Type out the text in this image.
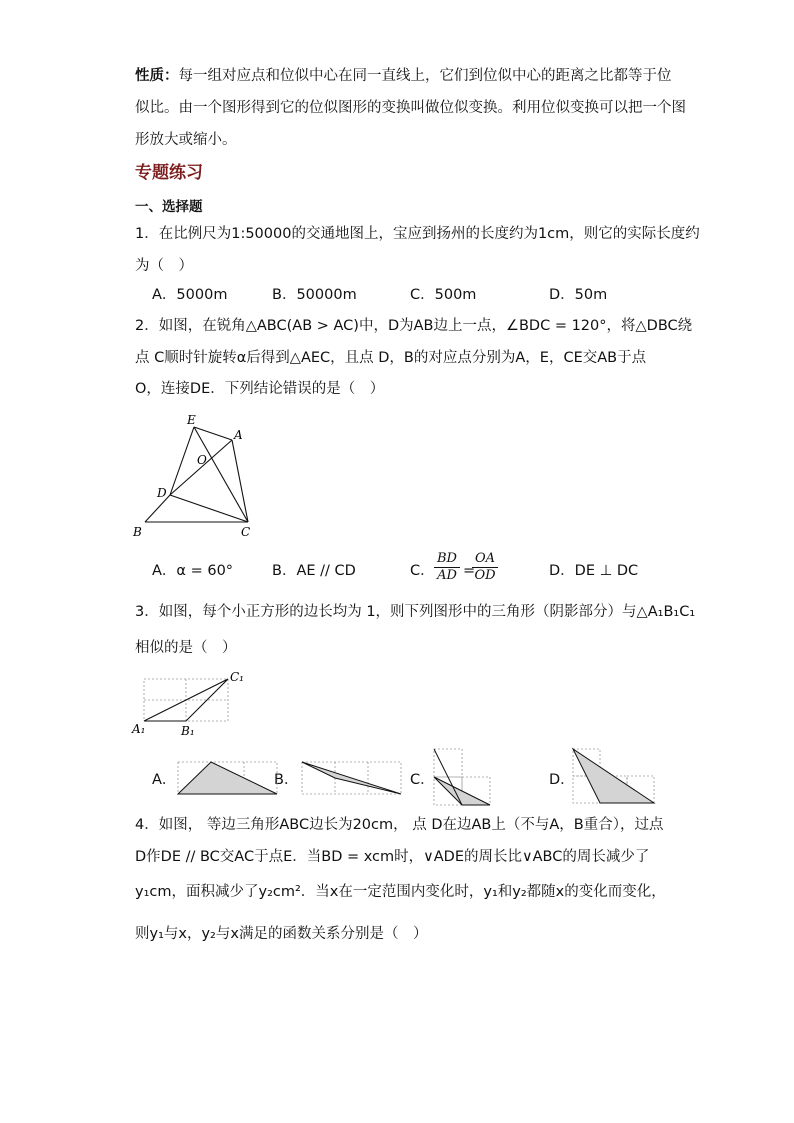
性质：每一组对应点和位似中心在同一直线上，它们到位似中心的距离之比都等于位
似比。由一个图形得到它的位似图形的变换叫做位似变换。利用位似变换可以把一个图
形放大或缩小。
专题练习
一、选择题
1．在比例尺为1:50000的交通地图上，宝应到扬州的长度约为1cm，则它的实际长度约
为（　）
A．5000m	B．50000m	C．500m	D．50m
2．如图，在锐角△ABC(AB > AC)中，D为AB边上一点，∠BDC = 120°，将△DBC绕
点 C顺时针旋转α后得到△AEC，且点 D，B的对应点分别为A，E，CE交AB于点
O，连接DE．下列结论错误的是（　）
E
A
O
D
B	C
A．α = 60°	B．AE // CD	C． $\frac{BD}{AD}$ =
$\frac{OA}{OD}$	D．DE ⊥ DC
3．如图，每个小正方形的边长均为 1，则下列图形中的三角形（阴影部分）与△A₁B₁C₁
相似的是（　）
A₁	B₁
C₁
A．	B．	C．	D．
4．如图， 等边三角形ABC边长为20cm， 点 D在边AB上（不与A，B重合），过点
D作DE // BC交AC于点E．当BD = xcm时，∨ADE的周长比∨ABC的周长减少了
y₁cm，面积减少了y₂cm²．当x在一定范围内变化时，y₁和y₂都随x的变化而变化，
则y₁与x，y₂与x满足的函数关系分别是（　）
